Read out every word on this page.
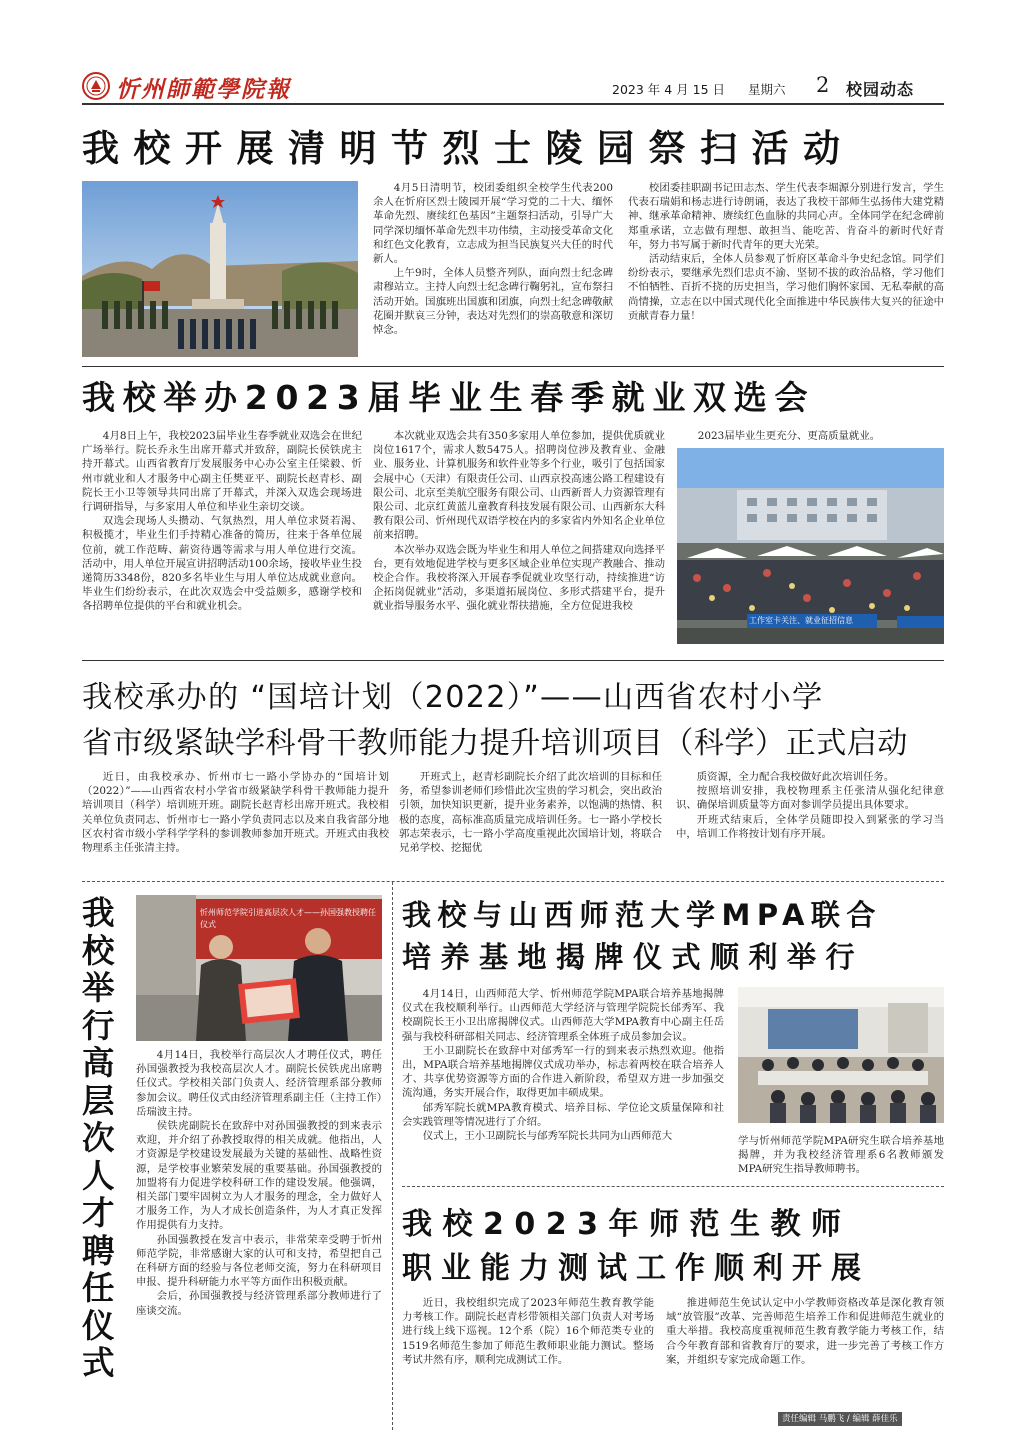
忻州師範學院報	2023 年 4 月 15 日 星期六 2 校园动态
我校开展清明节烈士陵园祭扫活动
4月5日清明节，校团委组织全校学生代表200余人在忻府区烈士陵园开展“学习党的二十大、缅怀革命先烈、赓续红色基因”主题祭扫活动，引导广大同学深切缅怀革命先烈丰功伟绩，主动接受革命文化和红色文化教育，立志成为担当民族复兴大任的时代新人。
上午9时，全体人员整齐列队，面向烈士纪念碑肃穆站立。主持人向烈士纪念碑行鞠躬礼，宣布祭扫活动开始。国旗班出国旗和团旗，向烈士纪念碑敬献花圈并默哀三分钟，表达对先烈们的崇高敬意和深切悼念。
校团委挂职副书记田志杰、学生代表李堀源分别进行发言，学生代表石瑞娟和杨志进行诗朗诵，表达了我校干部师生弘扬伟大建党精神、继承革命精神、赓续红色血脉的共同心声。全体同学在纪念碑前郑重承诺，立志做有理想、敢担当、能吃苦、肯奋斗的新时代好青年，努力书写属于新时代青年的更大光荣。
活动结束后，全体人员参观了忻府区革命斗争史纪念馆。同学们纷纷表示，要继承先烈们忠贞不渝、坚韧不拔的政治品格，学习他们不怕牺牲、百折不挠的历史担当，学习他们胸怀家国、无私奉献的高尚情操，立志在以中国式现代化全面推进中华民族伟大复兴的征途中贡献青春力量！
我校举办2023届毕业生春季就业双选会
4月8日上午，我校2023届毕业生春季就业双选会在世纪广场举行。院长乔永生出席开幕式并致辞，副院长侯铁虎主持开幕式。山西省教育厅发展服务中心办公室主任梁毅、忻州市就业和人才服务中心副主任樊亚平、副院长赵青杉、副院长王小卫等领导共同出席了开幕式，并深入双选会现场进行调研指导，与多家用人单位和毕业生亲切交谈。
双选会现场人头攒动、气氛热烈，用人单位求贤若渴、积极揽才，毕业生们手持精心准备的简历，往来于各单位展位前，就工作范畴、薪资待遇等需求与用人单位进行交流。活动中，用人单位开展宣讲招聘活动100余场，接收毕业生投递简历3348份，820多名毕业生与用人单位达成就业意向。毕业生们纷纷表示，在此次双选会中受益颇多，感谢学校和各招聘单位提供的平台和就业机会。
本次就业双选会共有350多家用人单位参加，提供优质就业岗位1617个，需求人数5475人。招聘岗位涉及教育业、金融业、服务业、计算机服务和软件业等多个行业，吸引了包括国家会展中心（天津）有限责任公司、山西京投高速公路工程建设有限公司、北京至美航空服务有限公司、山西新晋人力资源管理有限公司、北京红黄蓝儿童教育科技发展有限公司、山西新东大科教有限公司、忻州现代双语学校在内的多家省内外知名企业单位前来招聘。
本次举办双选会既为毕业生和用人单位之间搭建双向选择平台，更有效地促进学校与更多区域企业单位实现产教融合、推动校企合作。我校将深入开展春季促就业攻坚行动，持续推进“访企拓岗促就业”活动，多渠道拓展岗位、多形式搭建平台，提升就业指导服务水平、强化就业帮扶措施，全方位促进我校
2023届毕业生更充分、更高质量就业。
工作室卡关注、就业征招信息
我校承办的 “国培计划（2022）”——山西省农村小学
省市级紧缺学科骨干教师能力提升培训项目（科学）正式启动
近日，由我校承办、忻州市七一路小学协办的“国培计划（2022）”——山西省农村小学省市级紧缺学科骨干教师能力提升培训项目（科学）培训班开班。副院长赵青杉出席开班式。我校相关单位负责同志、忻州市七一路小学负责同志以及来自我省部分地区农村省市级小学科学学科的参训教师参加开班式。开班式由我校物理系主任张清主持。
开班式上，赵青杉副院长介绍了此次培训的目标和任务，希望参训老师们珍惜此次宝贵的学习机会，突出政治引领，加快知识更新，提升业务素养，以饱满的热情、积极的态度，高标准高质量完成培训任务。七一路小学校长郭志荣表示，七一路小学高度重视此次国培计划，将联合兄弟学校、挖掘优
质资源，全力配合我校做好此次培训任务。
按照培训安排，我校物理系主任张清从强化纪律意识、确保培训质量等方面对参训学员提出具体要求。
开班式结束后，全体学员随即投入到紧张的学习当中，培训工作将按计划有序开展。
我校举行高层次人才聘任仪式
忻州师范学院引进高层次人才——孙国强教授聘任仪式
4月14日，我校举行高层次人才聘任仪式，聘任孙国强教授为我校高层次人才。副院长侯铁虎出席聘任仪式。学校相关部门负责人、经济管理系部分教师参加会议。聘任仪式由经济管理系副主任（主持工作）岳瑞波主持。
侯铁虎副院长在致辞中对孙国强教授的到来表示欢迎，并介绍了孙教授取得的相关成就。他指出，人才资源是学校建设发展最为关键的基础性、战略性资源，是学校事业繁荣发展的重要基础。孙国强教授的加盟将有力促进学校科研工作的建设发展。他强调，相关部门要牢固树立为人才服务的理念，全力做好人才服务工作，为人才成长创造条件，为人才真正发挥作用提供有力支持。
孙国强教授在发言中表示，非常荣幸受聘于忻州师范学院，非常感谢大家的认可和支持，希望把自己在科研方面的经验与各位老师交流，努力在科研项目申报、提升科研能力水平等方面作出积极贡献。
会后，孙国强教授与经济管理系部分教师进行了座谈交流。
我校与山西师范大学MPA联合
培养基地揭牌仪式顺利举行
4月14日，山西师范大学、忻州师范学院MPA联合培养基地揭牌仪式在我校顺利举行。山西师范大学经济与管理学院院长邰秀军、我校副院长王小卫出席揭牌仪式。山西师范大学MPA教育中心副主任岳强与我校科研部相关同志、经济管理系全体班子成员参加会议。
王小卫副院长在致辞中对邰秀军一行的到来表示热烈欢迎。他指出，MPA联合培养基地揭牌仪式成功举办，标志着两校在联合培养人才、共享优势资源等方面的合作进入新阶段，希望双方进一步加强交流沟通，务实开展合作，取得更加丰硕成果。
邰秀军院长就MPA教育模式、培养目标、学位论文质量保障和社会实践管理等情况进行了介绍。
仪式上，王小卫副院长与邰秀军院长共同为山西师范大	学与忻州师范学院MPA研究生联合培养基地揭牌，并为我校经济管理系6名教师颁发MPA研究生指导教师聘书。
我校2023年师范生教师
职业能力测试工作顺利开展
近日，我校组织完成了2023年师范生教育教学能力考核工作。副院长赵青杉带领相关部门负责人对考场进行线上线下巡视。12个系（院）16个师范类专业的1519名师范生参加了师范生教师职业能力测试。整场考试井然有序，顺利完成测试工作。
推进师范生免试认定中小学教师资格改革是深化教育领域“放管服”改革、完善师范生培养工作和促进师范生就业的重大举措。我校高度重视师范生教育教学能力考核工作，结合今年教育部和省教育厅的要求，进一步完善了考核工作方案，并组织专家完成命题工作。
责任编辑 马鹏飞 / 编辑 薛佳乐
